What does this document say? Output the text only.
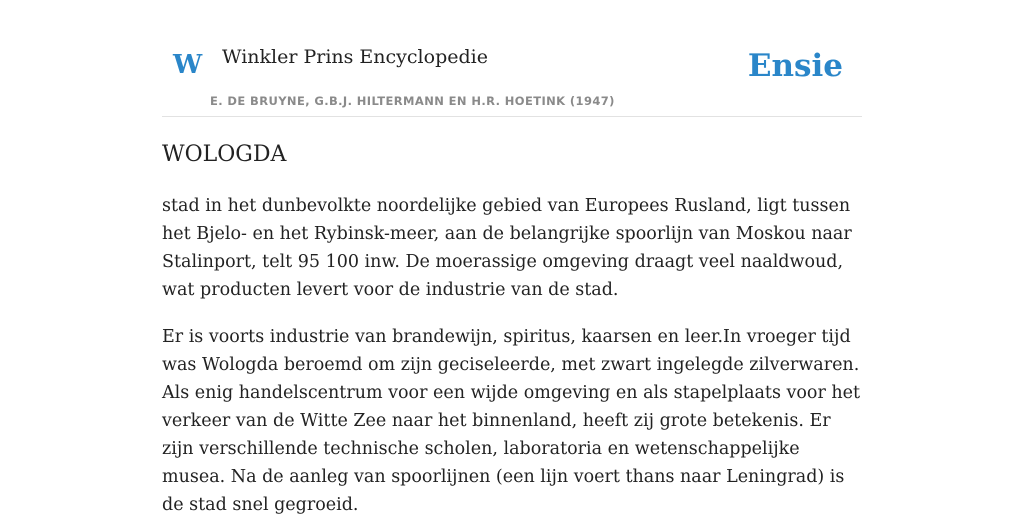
W Winkler Prins Encyclopedie
E. DE BRUYNE, G.B.J. HILTERMANN EN H.R. HOETINK (1947)
Ensie
WOLOGDA

stad in het dunbevolkte noordelijke gebied van Europees Rusland, ligt tussen het Bjelo- en het Rybinsk-meer, aan de belangrijke spoorlijn van Moskou naar Stalinport, telt 95 100 inw. De moerassige omgeving draagt veel naaldwoud, wat producten levert voor de industrie van de stad.

Er is voorts industrie van brandewijn, spiritus, kaarsen en leer.In vroeger tijd was Wologda beroemd om zijn geciseleerde, met zwart ingelegde zilverwaren. Als enig handelscentrum voor een wijde omgeving en als stapelplaats voor het verkeer van de Witte Zee naar het binnenland, heeft zij grote betekenis. Er zijn verschillende technische scholen, laboratoria en wetenschappelijke musea. Na de aanleg van spoorlijnen (een lijn voert thans naar Leningrad) is de stad snel gegroeid.
